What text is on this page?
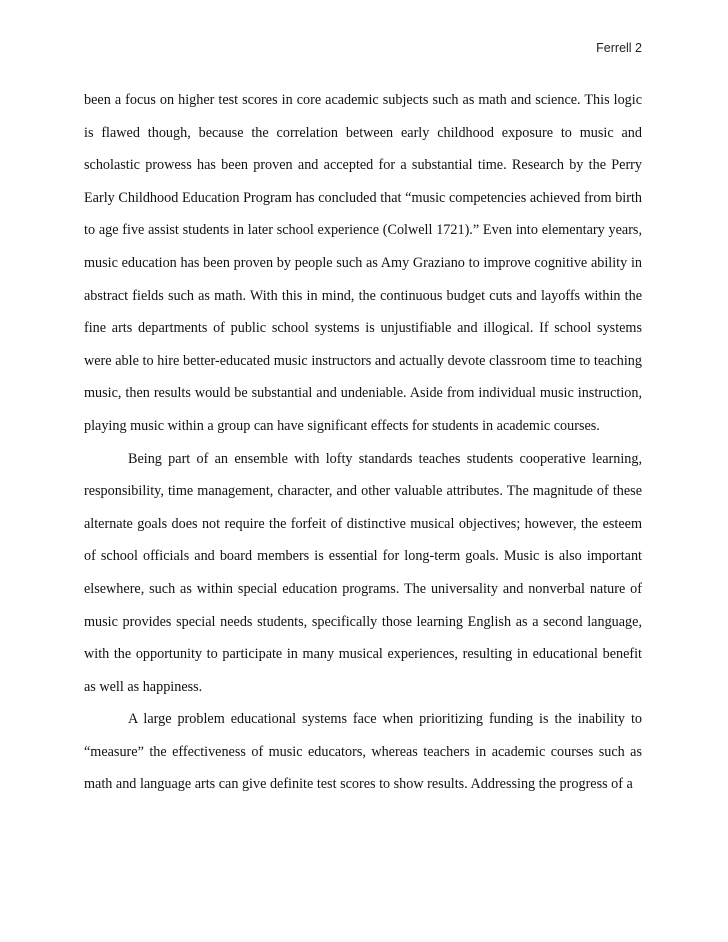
Ferrell 2

been a focus on higher test scores in core academic subjects such as math and science. This logic is flawed though, because the correlation between early childhood exposure to music and scholastic prowess has been proven and accepted for a substantial time. Research by the Perry Early Childhood Education Program has concluded that “music competencies achieved from birth to age five assist students in later school experience (Colwell 1721).” Even into elementary years, music education has been proven by people such as Amy Graziano to improve cognitive ability in abstract fields such as math. With this in mind, the continuous budget cuts and layoffs within the fine arts departments of public school systems is unjustifiable and illogical. If school systems were able to hire better-educated music instructors and actually devote classroom time to teaching music, then results would be substantial and undeniable. Aside from individual music instruction, playing music within a group can have significant effects for students in academic courses.

Being part of an ensemble with lofty standards teaches students cooperative learning, responsibility, time management, character, and other valuable attributes. The magnitude of these alternate goals does not require the forfeit of distinctive musical objectives; however, the esteem of school officials and board members is essential for long-term goals. Music is also important elsewhere, such as within special education programs. The universality and nonverbal nature of music provides special needs students, specifically those learning English as a second language, with the opportunity to participate in many musical experiences, resulting in educational benefit as well as happiness.

A large problem educational systems face when prioritizing funding is the inability to “measure” the effectiveness of music educators, whereas teachers in academic courses such as math and language arts can give definite test scores to show results. Addressing the progress of a
